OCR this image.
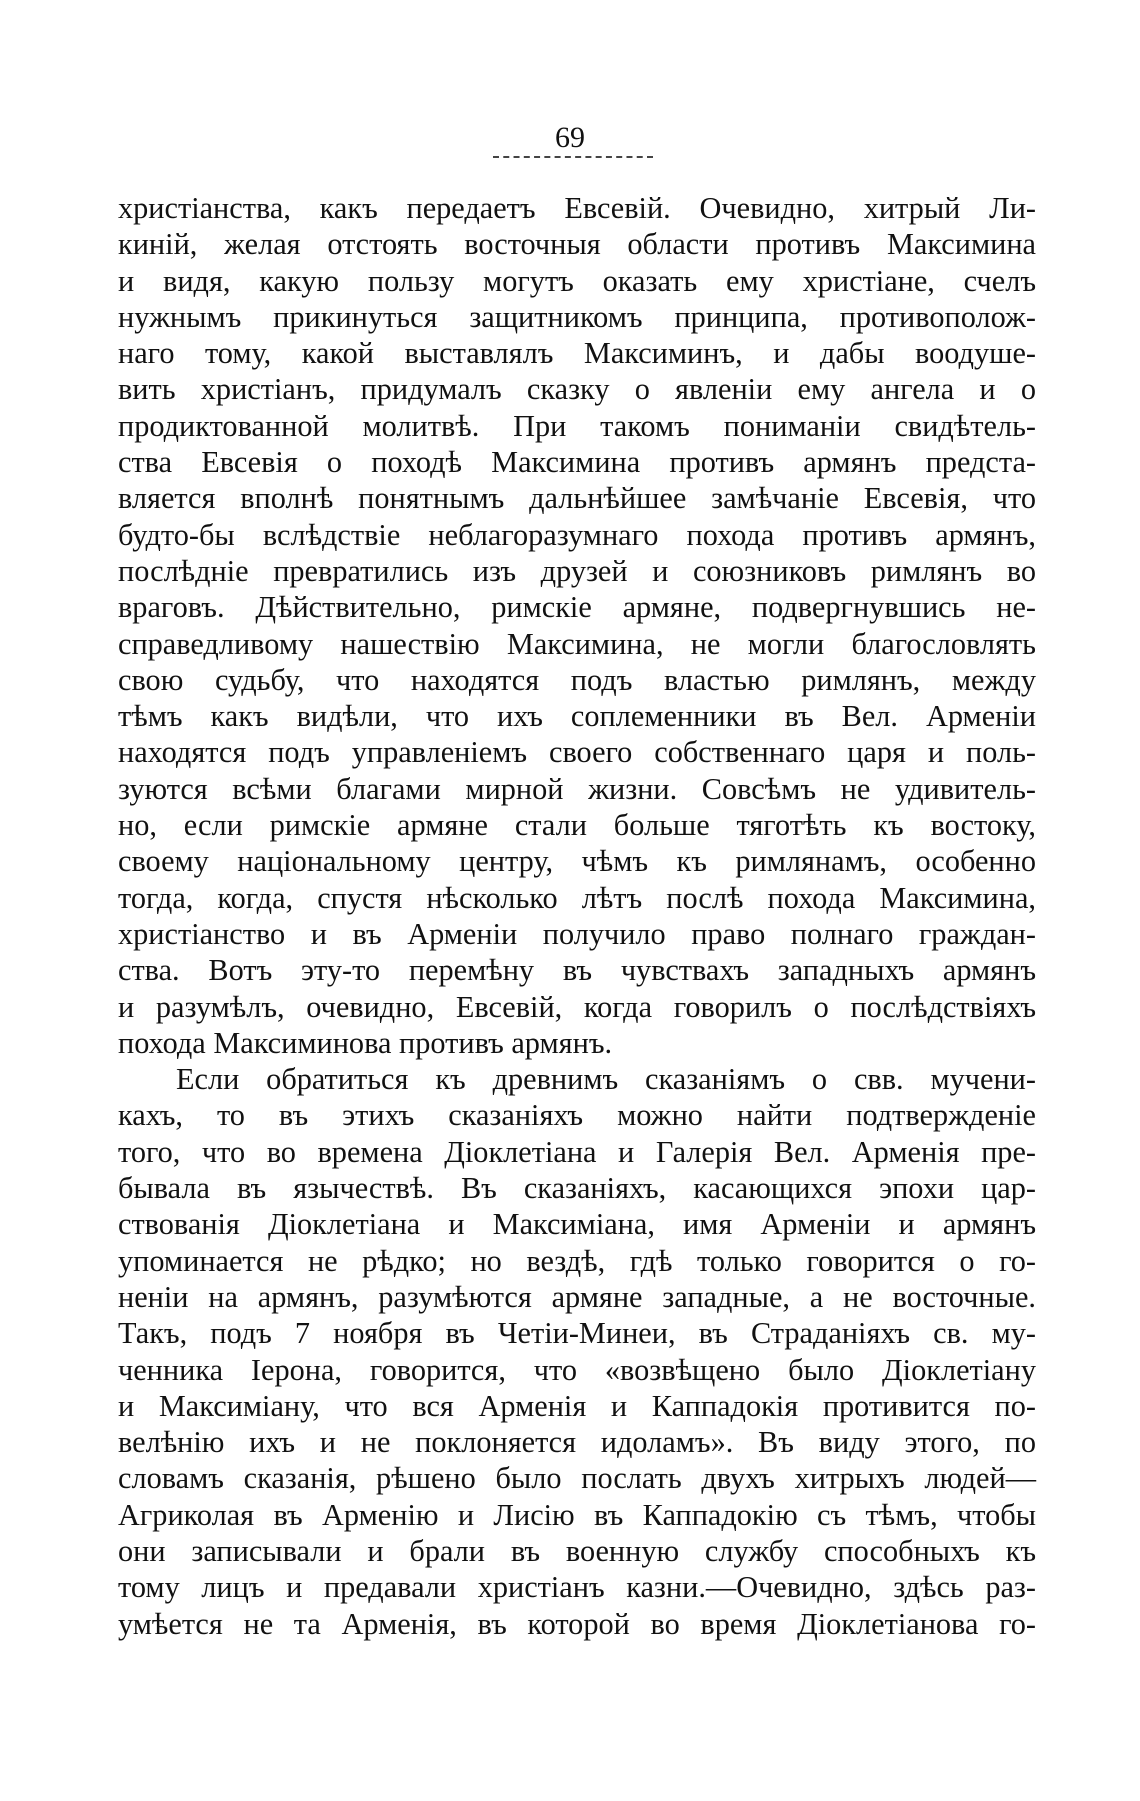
69
христіанства, какъ передаетъ Евсевій. Очевидно, хитрый Ли-
киній, желая отстоять восточныя области противъ Максимина
и видя, какую пользу могутъ оказать ему христіане, счелъ
нужнымъ прикинуться защитникомъ принципа, противополож-
наго тому, какой выставлялъ Максиминъ, и дабы воодуше-
вить христіанъ, придумалъ сказку о явленіи ему ангела и о
продиктованной молитвѣ. При такомъ пониманіи свидѣтель-
ства Евсевія о походѣ Максимина противъ армянъ предста-
вляется вполнѣ понятнымъ дальнѣйшее замѣчаніе Евсевія, что
будто-бы вслѣдствіе неблагоразумнаго похода противъ армянъ,
послѣдніе превратились изъ друзей и союзниковъ римлянъ во
враговъ. Дѣйствительно, римскіе армяне, подвергнувшись не-
справедливому нашествію Максимина, не могли благословлять
свою судьбу, что находятся подъ властью римлянъ, между
тѣмъ какъ видѣли, что ихъ соплеменники въ Вел. Арменіи
находятся подъ управленіемъ своего собственнаго царя и поль-
зуются всѣми благами мирной жизни. Совсѣмъ не удивитель-
но, если римскіе армяне стали больше тяготѣть къ востоку,
своему національному центру, чѣмъ къ римлянамъ, особенно
тогда, когда, спустя нѣсколько лѣтъ послѣ похода Максимина,
христіанство и въ Арменіи получило право полнаго граждан-
ства. Вотъ эту-то перемѣну въ чувствахъ западныхъ армянъ
и разумѣлъ, очевидно, Евсевій, когда говорилъ о послѣдствіяхъ
похода Максиминова противъ армянъ.
Если обратиться къ древнимъ сказаніямъ о свв. мучени-
кахъ, то въ этихъ сказаніяхъ можно найти подтвержденіе
того, что во времена Діоклетіана и Галерія Вел. Арменія пре-
бывала въ язычествѣ. Въ сказаніяхъ, касающихся эпохи цар-
ствованія Діоклетіана и Максиміана, имя Арменіи и армянъ
упоминается не рѣдко; но вездѣ, гдѣ только говорится о го-
неніи на армянъ, разумѣются армяне западные, а не восточные.
Такъ, подъ 7 ноября въ Четіи-Минеи, въ Страданіяхъ св. му-
ченника Іерона, говорится, что «возвѣщено было Діоклетіану
и Максиміану, что вся Арменія и Каппадокія противится по-
велѣнію ихъ и не поклоняется идоламъ». Въ виду этого, по
словамъ сказанія, рѣшено было послать двухъ хитрыхъ людей—
Агриколая въ Арменію и Лисію въ Каппадокію съ тѣмъ, чтобы
они записывали и брали въ военную службу способныхъ къ
тому лицъ и предавали христіанъ казни.—Очевидно, здѣсь раз-
умѣется не та Арменія, въ которой во время Діоклетіанова го-
